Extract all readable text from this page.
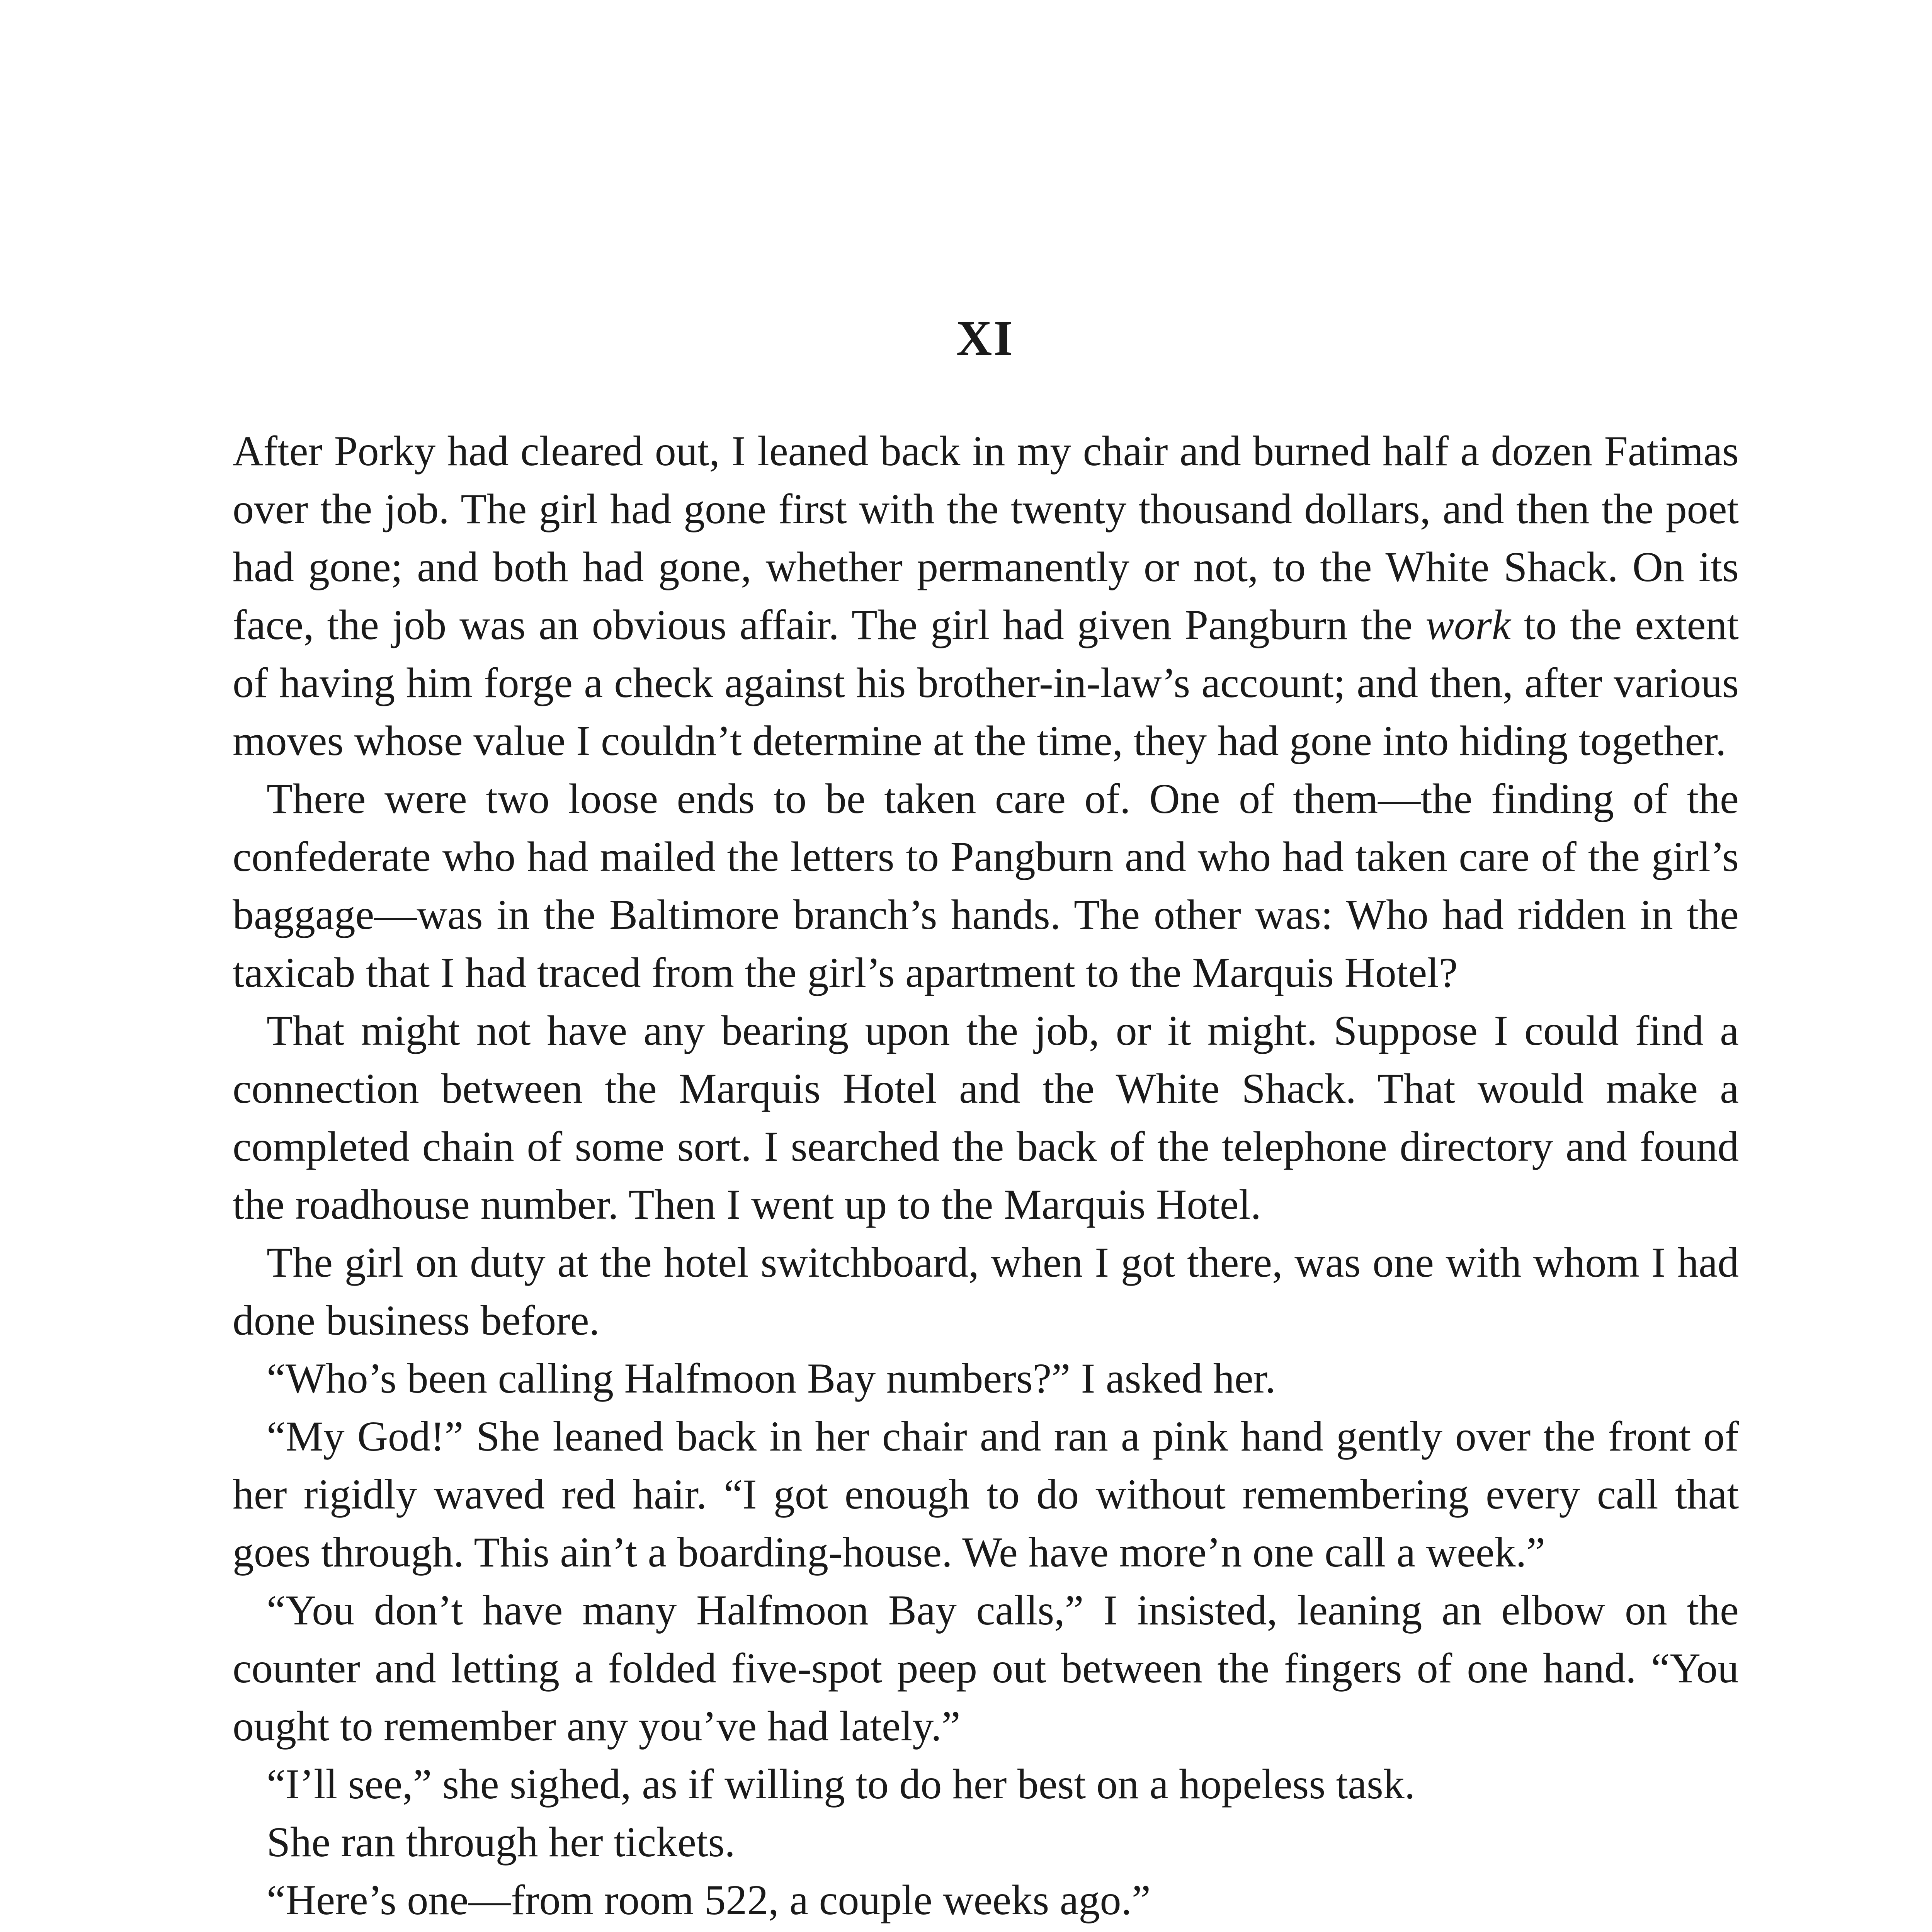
XI

After Porky had cleared out, I leaned back in my chair and burned half a dozen Fatimas over the job. The girl had gone first with the twenty thousand dollars, and then the poet had gone; and both had gone, whether permanently or not, to the White Shack. On its face, the job was an obvious affair. The girl had given Pangburn the work to the extent of having him forge a check against his brother-in-law’s account; and then, after various moves whose value I couldn’t determine at the time, they had gone into hiding together.

There were two loose ends to be taken care of. One of them—the finding of the confederate who had mailed the letters to Pangburn and who had taken care of the girl’s baggage—was in the Baltimore branch’s hands. The other was: Who had ridden in the taxicab that I had traced from the girl’s apartment to the Marquis Hotel?

That might not have any bearing upon the job, or it might. Suppose I could find a connection between the Marquis Hotel and the White Shack. That would make a completed chain of some sort. I searched the back of the telephone directory and found the roadhouse number. Then I went up to the Marquis Hotel.

The girl on duty at the hotel switchboard, when I got there, was one with whom I had done business before.

“Who’s been calling Halfmoon Bay numbers?” I asked her.

“My God!” She leaned back in her chair and ran a pink hand gently over the front of her rigidly waved red hair. “I got enough to do without remembering every call that goes through. This ain’t a boarding-house. We have more’n one call a week.”

“You don’t have many Halfmoon Bay calls,” I insisted, leaning an elbow on the counter and letting a folded five-spot peep out between the fingers of one hand. “You ought to remember any you’ve had lately.”

“I’ll see,” she sighed, as if willing to do her best on a hopeless task.

She ran through her tickets.

“Here’s one—from room 522, a couple weeks ago.”
